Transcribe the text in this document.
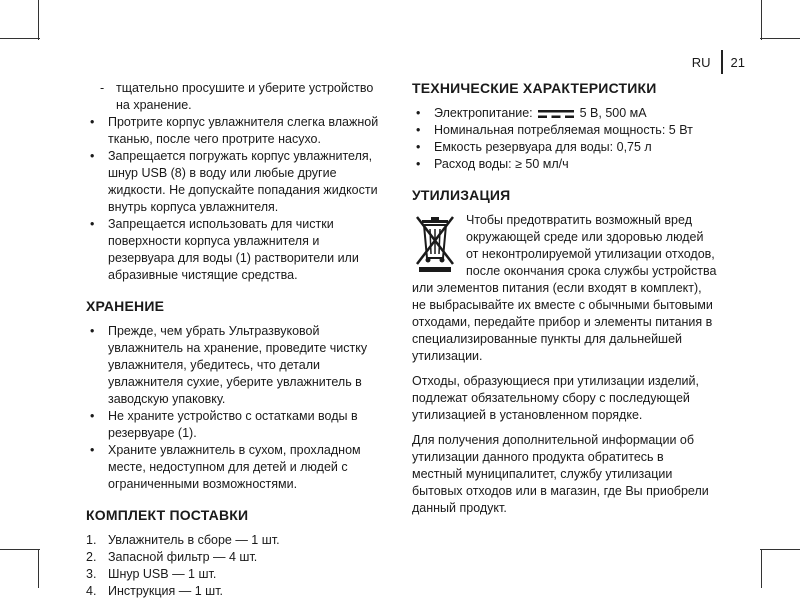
RU 21
- тщательно просушите и уберите устройство на хранение.
• Протрите корпус увлажнителя слегка влажной тканью, после чего протрите насухо.
• Запрещается погружать корпус увлажнителя, шнур USB (8) в воду или любые другие жидкости. Не допускайте попадания жидкости внутрь корпуса увлажнителя.
• Запрещается использовать для чистки поверхности корпуса увлажнителя и резервуара для воды (1) растворители или абразивные чистящие средства.
ХРАНЕНИЕ
• Прежде, чем убрать Ультразвуковой увлажнитель на хранение, проведите чистку увлажнителя, убедитесь, что детали увлажнителя сухие, уберите увлажнитель в заводскую упаковку.
• Не храните устройство с остатками воды в резервуаре (1).
• Храните увлажнитель в сухом, прохладном месте, недоступном для детей и людей с ограниченными возможностями.
КОМПЛЕКТ ПОСТАВКИ
1. Увлажнитель в сборе — 1 шт.
2. Запасной фильтр — 4 шт.
3. Шнур USB — 1 шт.
4. Инструкция — 1 шт.
ТЕХНИЧЕСКИЕ ХАРАКТЕРИСТИКИ
• Электропитание:	5 В, 500 мА
• Номинальная потребляемая мощность: 5 Вт
• Емкость резервуара для воды: 0,75 л
• Расход воды: ≥ 50 мл/ч
УТИЛИЗАЦИЯ

Чтобы предотвратить возможный вред окружающей среде или здоровью людей от неконтролируемой утилизации отходов, после окончания срока службы устройства или элементов питания (если входят в комплект), не выбрасывайте их вместе с обычными бытовыми отходами, передайте прибор и элементы питания в специализированные пункты для дальнейшей утилизации.

Отходы, образующиеся при утилизации изделий, подлежат обязательному сбору с последующей утилизацией в установленном порядке.

Для получения дополнительной информации об утилизации данного продукта обратитесь в местный муниципалитет, службу утилизации бытовых отходов или в магазин, где Вы приобрели данный продукт.
